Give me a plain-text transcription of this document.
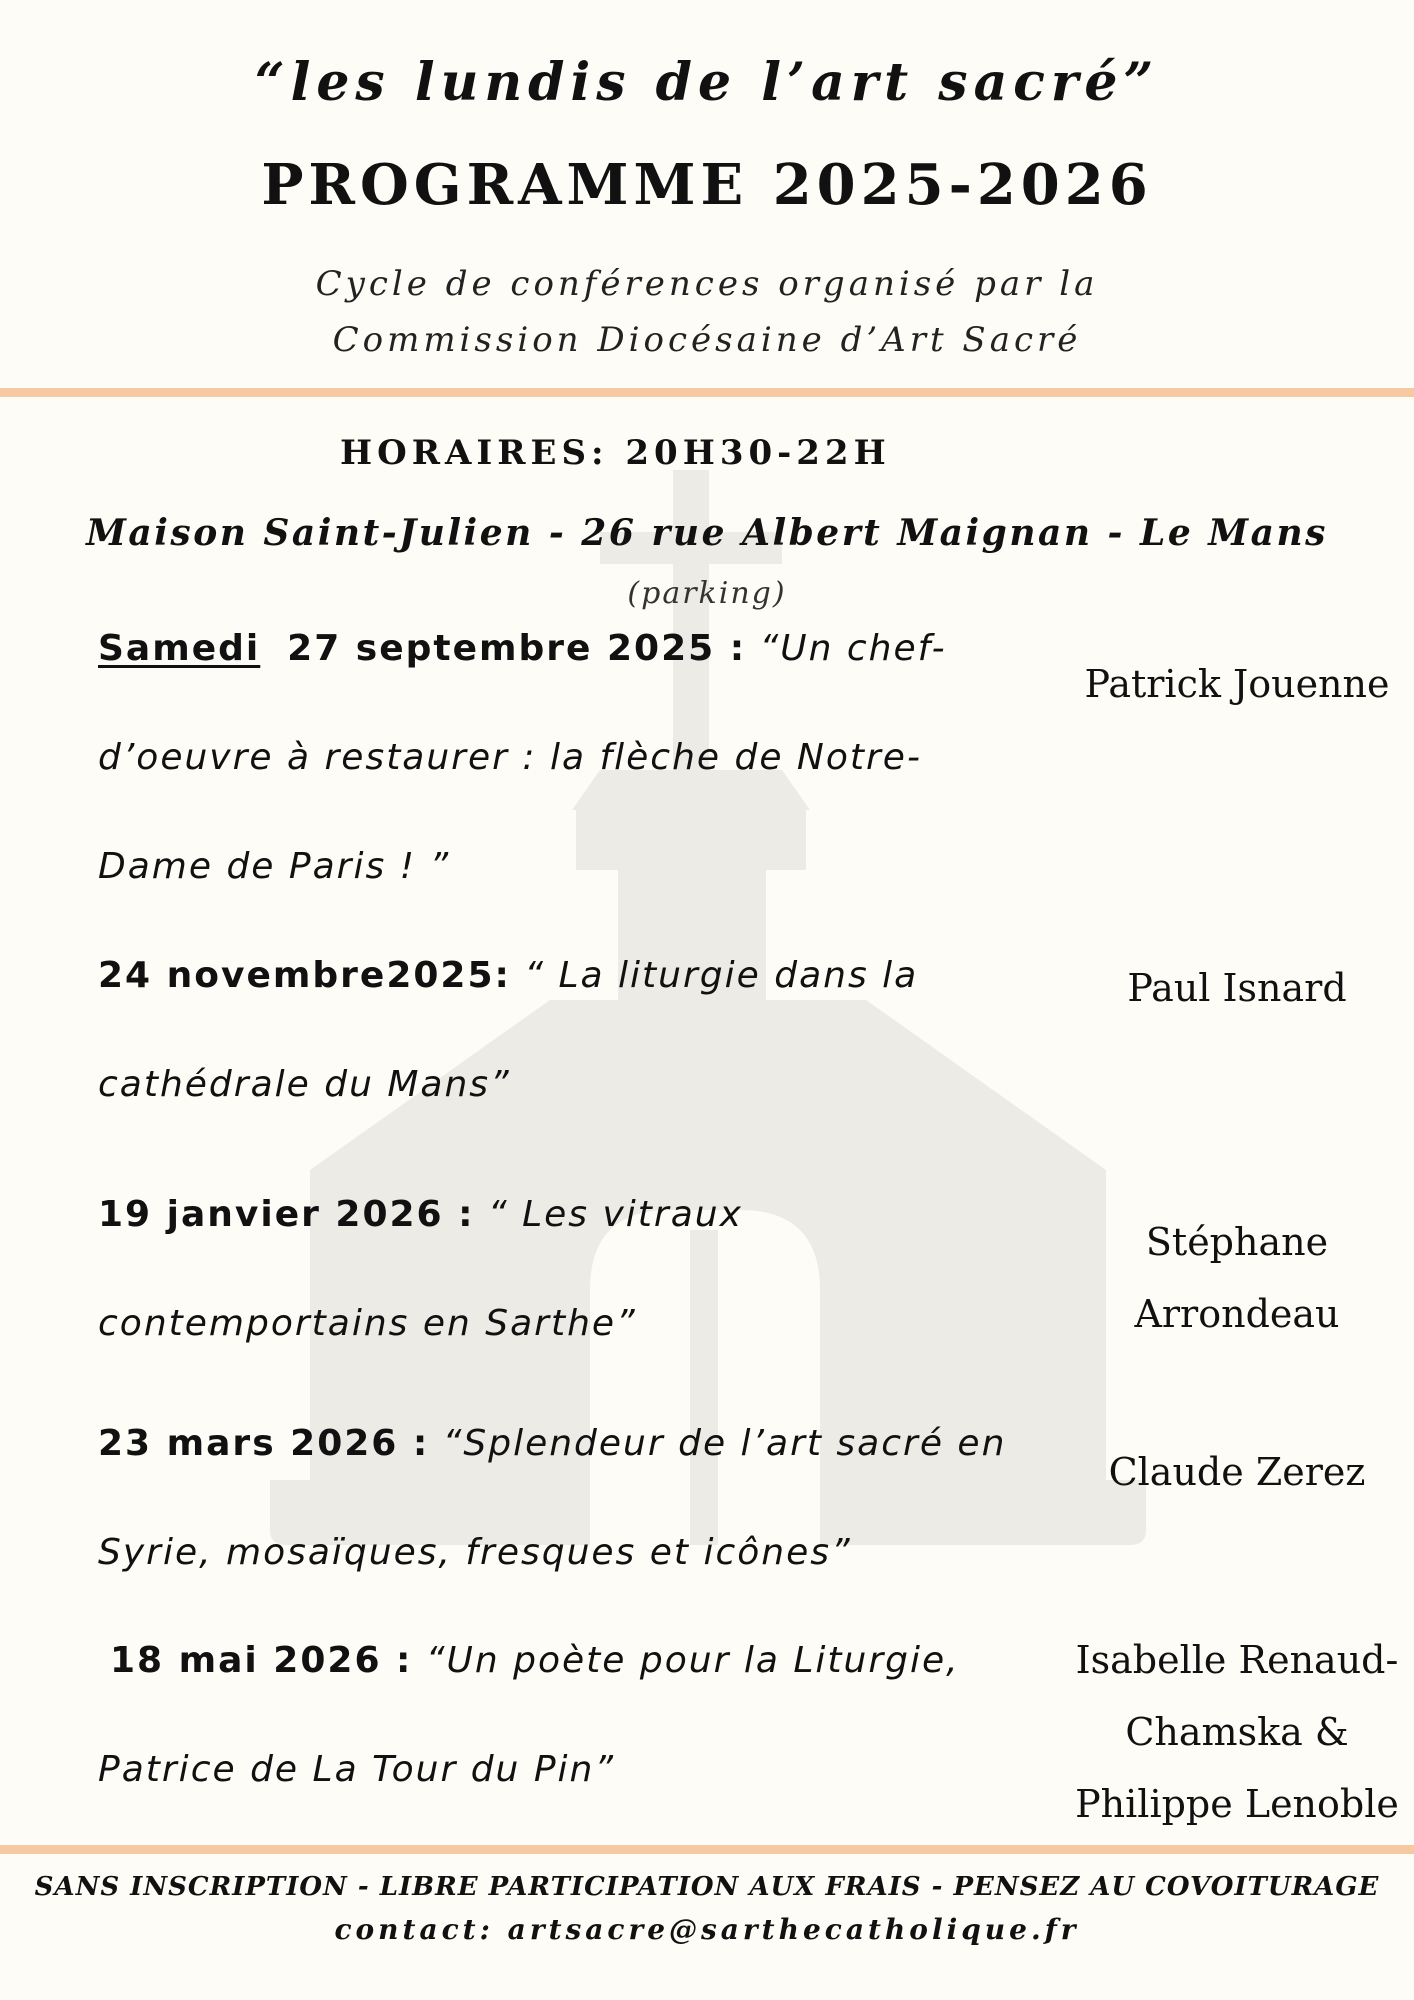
“les lundis de l’art sacré”
PROGRAMME 2025-2026
Cycle de conférences organisé par la
Commission Diocésaine d’Art Sacré
HORAIRES: 20H30-22H
Maison Saint-Julien - 26 rue Albert Maignan - Le Mans
(parking)
Samedi 27 septembre 2025 : “Un chef-
d’oeuvre à restaurer : la flèche de Notre-
Dame de Paris ! ”
Patrick Jouenne
24 novembre2025: “ La liturgie dans la
cathédrale du Mans”
Paul Isnard
19 janvier 2026 : “ Les vitraux
contemportains en Sarthe”
Stéphane
Arrondeau
23 mars 2026 : “Splendeur de l’art sacré en
Syrie, mosaïques, fresques et icônes”
Claude Zerez
18 mai 2026 : “Un poète pour la Liturgie,
Patrice de La Tour du Pin”
Isabelle Renaud-
Chamska &
Philippe Lenoble
SANS INSCRIPTION - LIBRE PARTICIPATION AUX FRAIS - PENSEZ AU COVOITURAGE
contact: artsacre@sarthecatholique.fr
